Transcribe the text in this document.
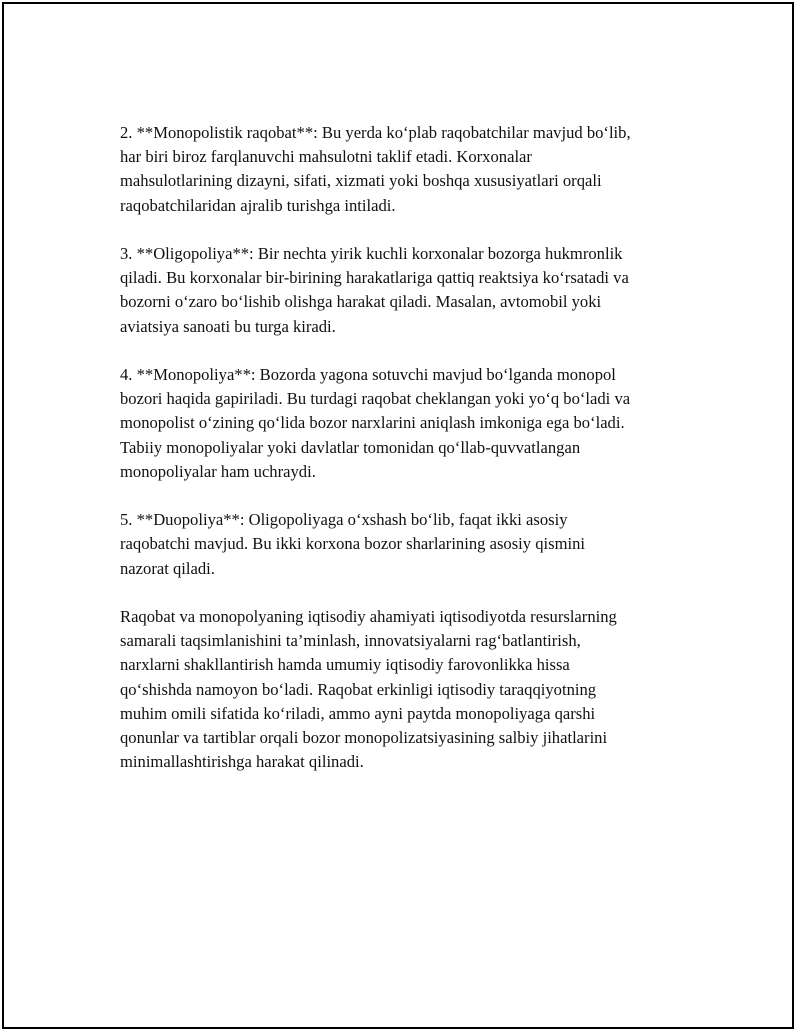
2. **Monopolistik raqobat**: Bu yerda ko‘plab raqobatchilar mavjud bo‘lib,
har biri biroz farqlanuvchi mahsulotni taklif etadi. Korxonalar
mahsulotlarining dizayni, sifati, xizmati yoki boshqa xususiyatlari orqali
raqobatchilaridan ajralib turishga intiladi.

3. **Oligopoliya**: Bir nechta yirik kuchli korxonalar bozorga hukmronlik
qiladi. Bu korxonalar bir-birining harakatlariga qattiq reaktsiya ko‘rsatadi va
bozorni o‘zaro bo‘lishib olishga harakat qiladi. Masalan, avtomobil yoki
aviatsiya sanoati bu turga kiradi.

4. **Monopoliya**: Bozorda yagona sotuvchi mavjud bo‘lganda monopol
bozori haqida gapiriladi. Bu turdagi raqobat cheklangan yoki yo‘q bo‘ladi va
monopolist o‘zining qo‘lida bozor narxlarini aniqlash imkoniga ega bo‘ladi.
Tabiiy monopoliyalar yoki davlatlar tomonidan qo‘llab-quvvatlangan
monopoliyalar ham uchraydi.

5. **Duopoliya**: Oligopoliyaga o‘xshash bo‘lib, faqat ikki asosiy
raqobatchi mavjud. Bu ikki korxona bozor sharlarining asosiy qismini
nazorat qiladi.

Raqobat va monopolyaning iqtisodiy ahamiyati iqtisodiyotda resurslarning
samarali taqsimlanishini ta’minlash, innovatsiyalarni rag‘batlantirish,
narxlarni shakllantirish hamda umumiy iqtisodiy farovonlikka hissa
qo‘shishda namoyon bo‘ladi. Raqobat erkinligi iqtisodiy taraqqiyotning
muhim omili sifatida ko‘riladi, ammo ayni paytda monopoliyaga qarshi
qonunlar va tartiblar orqali bozor monopolizatsiyasining salbiy jihatlarini
minimallashtirishga harakat qilinadi.
